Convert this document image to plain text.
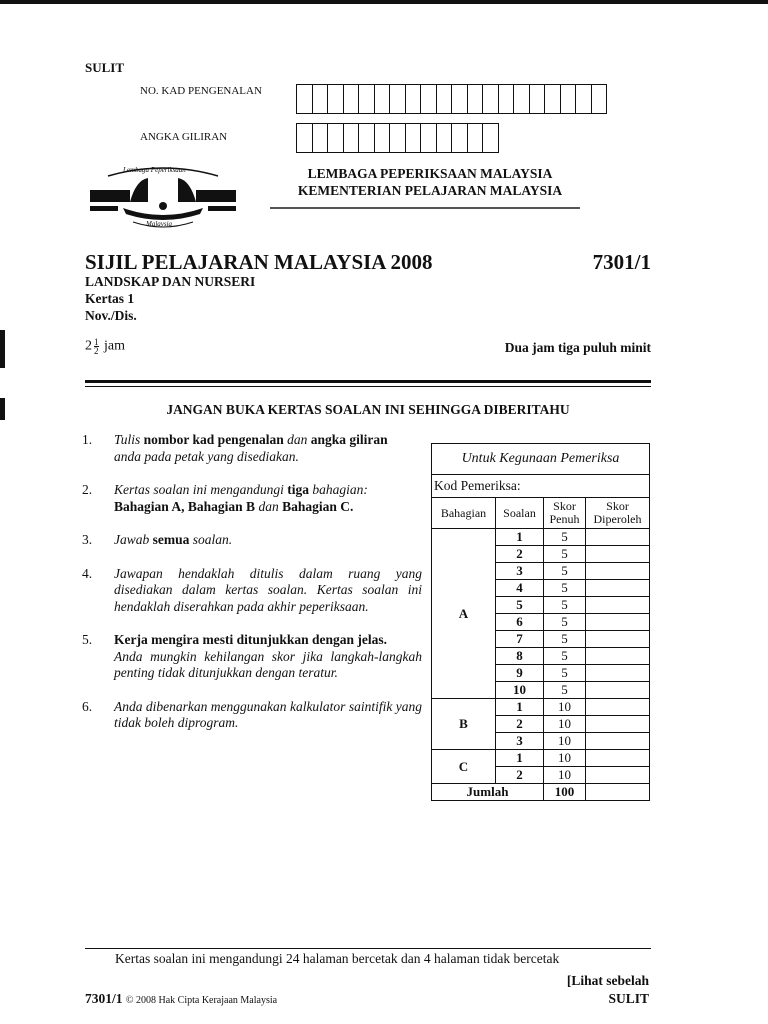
SULIT
NO. KAD PENGENALAN
ANGKA GILIRAN
Lembaga Peperiksaan
Malaysia
LEMBAGA PEPERIKSAAN MALAYSIA
KEMENTERIAN PELAJARAN MALAYSIA
SIJIL PELAJARAN MALAYSIA 2008	7301/1
LANDSKAP DAN NURSERI
Kertas 1
Nov./Dis.
$2 \frac{1}{2}$ jam	Dua jam tiga puluh minit
JANGAN BUKA KERTAS SOALAN INI SEHINGGA DIBERITAHU
1.	Tulis nombor kad pengenalan dan angka giliran
anda pada petak yang disediakan.
2.	Kertas soalan ini mengandungi tiga bahagian:
Bahagian A, Bahagian B dan Bahagian C.
3.	Jawab semua soalan.
4.	Jawapan hendaklah ditulis dalam ruang yang disediakan dalam kertas soalan. Kertas soalan ini hendaklah diserahkan pada akhir peperiksaan.
5.	Kerja mengira mesti ditunjukkan dengan jelas.
Anda mungkin kehilangan skor jika langkah-langkah penting tidak ditunjukkan dengan teratur.
6.	Anda dibenarkan menggunakan kalkulator saintifik yang tidak boleh diprogram.
Untuk Kegunaan Pemeriksa			
Kod Pemeriksa:			
Bahagian	Soalan	Skor Penuh	Skor Diperoleh
A	1	5	
	2	5	
	3	5	
	4	5	
	5	5	
	6	5	
	7	5	
	8	5	
	9	5	
	10	5	
B	1	10	
	2	10	
	3	10	
C	1	10	
	2	10	
Jumlah		100	
Kertas soalan ini mengandungi 24 halaman bercetak dan 4 halaman tidak bercetak
[Lihat sebelah
7301/1 © 2008 Hak Cipta Kerajaan Malaysia	SULIT
